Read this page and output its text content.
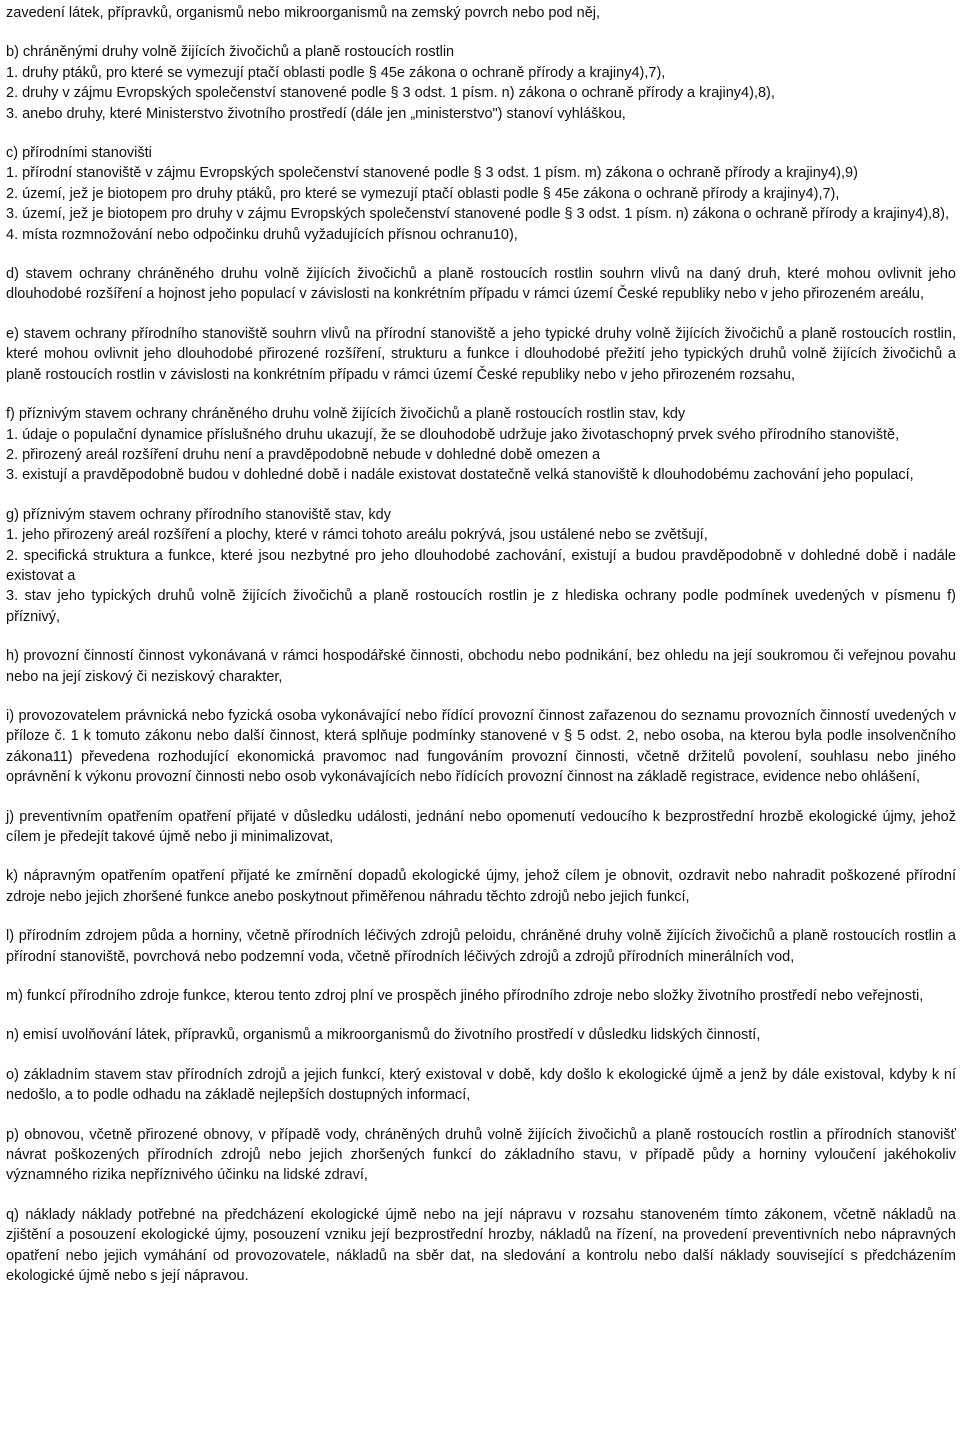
zavedení látek, přípravků, organismů nebo mikroorganismů na zemský povrch nebo pod něj,

b) chráněnými druhy volně žijících živočichů a planě rostoucích rostlin

1. druhy ptáků, pro které se vymezují ptačí oblasti podle § 45e zákona o ochraně přírody a krajiny4),7),

2. druhy v zájmu Evropských společenství stanovené podle § 3 odst. 1 písm. n) zákona o ochraně přírody a krajiny4),8),

3. anebo druhy, které Ministerstvo životního prostředí (dále jen „ministerstvo") stanoví vyhláškou,

c) přírodními stanovišti

1. přírodní stanoviště v zájmu Evropských společenství stanovené podle § 3 odst. 1 písm. m) zákona o ochraně přírody a krajiny4),9)

2. území, jež je biotopem pro druhy ptáků, pro které se vymezují ptačí oblasti podle § 45e zákona o ochraně přírody a krajiny4),7),

3. území, jež je biotopem pro druhy v zájmu Evropských společenství stanovené podle § 3 odst. 1 písm. n) zákona o ochraně přírody a krajiny4),8),

4. místa rozmnožování nebo odpočinku druhů vyžadujících přísnou ochranu10),

d) stavem ochrany chráněného druhu volně žijících živočichů a planě rostoucích rostlin souhrn vlivů na daný druh, které mohou ovlivnit jeho dlouhodobé rozšíření a hojnost jeho populací v závislosti na konkrétním případu v rámci území České republiky nebo v jeho přirozeném areálu,

e) stavem ochrany přírodního stanoviště souhrn vlivů na přírodní stanoviště a jeho typické druhy volně žijících živočichů a planě rostoucích rostlin, které mohou ovlivnit jeho dlouhodobé přirozené rozšíření, strukturu a funkce i dlouhodobé přežití jeho typických druhů volně žijících živočichů a planě rostoucích rostlin v závislosti na konkrétním případu v rámci území České republiky nebo v jeho přirozeném rozsahu,

f) příznivým stavem ochrany chráněného druhu volně žijících živočichů a planě rostoucích rostlin stav, kdy

1. údaje o populační dynamice příslušného druhu ukazují, že se dlouhodobě udržuje jako životaschopný prvek svého přírodního stanoviště,

2. přirozený areál rozšíření druhu není a pravděpodobně nebude v dohledné době omezen a

3. existují a pravděpodobně budou v dohledné době i nadále existovat dostatečně velká stanoviště k dlouhodobému zachování jeho populací,

g) příznivým stavem ochrany přírodního stanoviště stav, kdy

1. jeho přirozený areál rozšíření a plochy, které v rámci tohoto areálu pokrývá, jsou ustálené nebo se zvětšují,

2. specifická struktura a funkce, které jsou nezbytné pro jeho dlouhodobé zachování, existují a budou pravděpodobně v dohledné době i nadále existovat a

3. stav jeho typických druhů volně žijících živočichů a planě rostoucích rostlin je z hlediska ochrany podle podmínek uvedených v písmenu f) příznivý,

h) provozní činností činnost vykonávaná v rámci hospodářské činnosti, obchodu nebo podnikání, bez ohledu na její soukromou či veřejnou povahu nebo na její ziskový či neziskový charakter,

i) provozovatelem právnická nebo fyzická osoba vykonávající nebo řídící provozní činnost zařazenou do seznamu provozních činností uvedených v příloze č. 1 k tomuto zákonu nebo další činnost, která splňuje podmínky stanovené v § 5 odst. 2, nebo osoba, na kterou byla podle insolvenčního zákona11) převedena rozhodující ekonomická pravomoc nad fungováním provozní činnosti, včetně držitelů povolení, souhlasu nebo jiného oprávnění k výkonu provozní činnosti nebo osob vykonávajících nebo řídících provozní činnost na základě registrace, evidence nebo ohlášení,

j) preventivním opatřením opatření přijaté v důsledku události, jednání nebo opomenutí vedoucího k bezprostřední hrozbě ekologické újmy, jehož cílem je předejít takové újmě nebo ji minimalizovat,

k) nápravným opatřením opatření přijaté ke zmírnění dopadů ekologické újmy, jehož cílem je obnovit, ozdravit nebo nahradit poškozené přírodní zdroje nebo jejich zhoršené funkce anebo poskytnout přiměřenou náhradu těchto zdrojů nebo jejich funkcí,

l) přírodním zdrojem půda a horniny, včetně přírodních léčivých zdrojů peloidu, chráněné druhy volně žijících živočichů a planě rostoucích rostlin a přírodní stanoviště, povrchová nebo podzemní voda, včetně přírodních léčivých zdrojů a zdrojů přírodních minerálních vod,

m) funkcí přírodního zdroje funkce, kterou tento zdroj plní ve prospěch jiného přírodního zdroje nebo složky životního prostředí nebo veřejnosti,

n) emisí uvolňování látek, přípravků, organismů a mikroorganismů do životního prostředí v důsledku lidských činností,

o) základním stavem stav přírodních zdrojů a jejich funkcí, který existoval v době, kdy došlo k ekologické újmě a jenž by dále existoval, kdyby k ní nedošlo, a to podle odhadu na základě nejlepších dostupných informací,

p) obnovou, včetně přirozené obnovy, v případě vody, chráněných druhů volně žijících živočichů a planě rostoucích rostlin a přírodních stanovišť návrat poškozených přírodních zdrojů nebo jejich zhoršených funkcí do základního stavu, v případě půdy a horniny vyloučení jakéhokoliv významného rizika nepříznivého účinku na lidské zdraví,

q) náklady náklady potřebné na předcházení ekologické újmě nebo na její nápravu v rozsahu stanoveném tímto zákonem, včetně nákladů na zjištění a posouzení ekologické újmy, posouzení vzniku její bezprostřední hrozby, nákladů na řízení, na provedení preventivních nebo nápravných opatření nebo jejich vymáhání od provozovatele, nákladů na sběr dat, na sledování a kontrolu nebo další náklady související s předcházením ekologické újmě nebo s její nápravou.
